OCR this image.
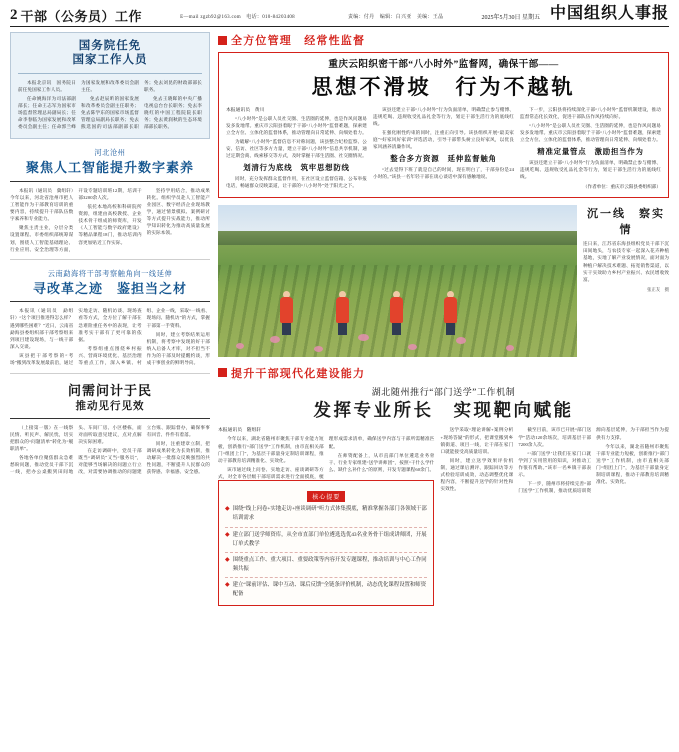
2 干部（公务员）工作	E—mail zgzb92@163.com　电话：010-84203408　　　　　　　　　　责编：付丹　编辑：白兴亚　美编：王晶	2025年5月30日 星期五 中国组织人事报
国务院任免
国家工作人员

本报北京讯　国务院日前任免国家工作人员。

任命姚海洋为司法部副部长；任命王志军为国家市场监督管理总局副局长；任命李春临为国家发展和改革委员会副主任；任命郭兰峰为国家发展和改革委员会副主任。

免去赵辰昕的国家发展和改革委员会副主任职务；免去陈学东的国家市场监督管理总局副局长职务；免去熊选国的司法部副部长职务；免去刘昆的财政部部长职务。

免去王晓晖的中央广播电视总台台长职务；免去李晓红的中国工程院院长职务；免去黄润秋的生态环境部部长职务。

河北沧州
聚焦人工智能提升数字素养

本报讯（通讯员　冀组轩）今年以来，河北省沧州市把人工智能作为干部教育培训的重要内容，持续提升干部队伍数字素养和专业能力。

聚焦主责主业，分层分类设置课程。市委组织部统筹谋划，围绕人工智能基础理论、行业应用、安全治理等方面，开设专题培训班12期，培训干部3200余人次。

依托本地高校和科研院所资源，组建由高校教授、企业技术骨干组成的师资库，开发《人工智能与数字政府建设》等精品课程18门，推动培训内容更加贴近工作实际。

坚持学用结合，推动成果转化。组织学员赴人工智能产业园区、数字经济企业现场教学，通过情景模拟、案例研讨等方式提升实战能力，推动所学知识转化为推动高质量发展的实际本领。

云南勐海将干部考察触角向一线延伸
寻改革之迹　鉴担当之材

本报讯（通讯员　勐组轩）“这个项目推进得怎么样？遇到哪些困难？”近日，云南省勐海县委组织部干部考察组来到项目建设现场，与一线干部深入交谈。

该县把干部考察的“考场”搬到改革发展最前沿，通过实地走访、随机访谈、现场查看等方式，全方位了解干部在急难险重任务中的表现，让考准考实干部有了更可靠的依据。

考察组重点围绕乡村振兴、营商环境优化、基层治理等重点工作，深入乡镇、村组、企业一线，采取“一线看、现场问、随机访”的方式，掌握干部第一手资料。

同时，建立考察结果运用机制，将考察中发现的好干部纳入后备人才库，对不担当不作为的干部及时提醒约谈，形成干事创业的鲜明导向。

问需问计于民
推动见行见效

（上接第一版）在一线察民情、听民声、解民忧，切实把群众的“问题清单”转化为“履职清单”。

各地各单位聚焦群众急难愁盼问题，推动党员干部下沉一线，把办公桌搬到田间地头、车间厂房、小区楼栋，面对面听取意见建议，点对点解决实际困难。

在走访调研中，党员干部既当“调研员”又当“服务员”，对能够当场解决的问题立行立改，对需要协调推动的问题建立台账、跟踪督办，确保事事有回音、件件有着落。

同时，注重建章立制，把调研成果转化为长效机制，推动解决一批群众反映强烈的共性问题，不断提升人民群众的获得感、幸福感、安全感。

全方位管理　经常性监督
重庆云阳织密干部“八小时外”监督网，确保干部——
思想不滑坡　行为不越轨
本报通讯员　黄川

“八小时外”是公职人员社交圈、生活圈的延伸，也是作风问题易发多发地带。重庆市云阳县着眼于干部“八小时外”监督难题，探索建立全方位、立体化的监督体系，推动管理向日常延伸、向细处着力。

为破解“八小时外”监督信息不对称问题，该县整合纪检监察、公安、信访、社区等多方力量，建立干部“八小时外”信息共享机制，通过定期会商、线索移交等方式，及时掌握干部生活圈、社交圈情况。

划清行为底线　筑牢思想防线

同时，充分发挥群众监督作用，在社区设立监督信箱、公布举报电话，畅通群众反映渠道，让干部的“八小时外”处于阳光之下。

该县还建立干部“八小时外”行为负面清单，明确禁止参与赌博、违规吃喝、违规收受礼品礼金等行为，划定干部生活行为的底线红线。

在强化刚性约束的同时，注重正向引导。该县组织开展“最美家庭”“好家风好家训”评选活动，引导干部带头树立良好家风，以优良家风涵养清廉作风。

整合多方资源　延伸监督触角

“过去觉得下班了就是自己的时间，现在明白了，干部身份是24小时的。”该县一名年轻干部在谈心谈话中深有感触地说。

下一步，云阳县将持续深化干部“八小时外”监督机制建设，推动监督常态化长效化，促进干部队伍作风持续向好。

“八小时外”是公职人员社交圈、生活圈的延伸，也是作风问题易发多发地带。重庆市云阳县着眼于干部“八小时外”监督难题，探索建立全方位、立体化的监督体系，推动管理向日常延伸、向细处着力。

精准定量管点　激励担当作为

该县还建立干部“八小时外”行为负面清单，明确禁止参与赌博、违规吃喝、违规收受礼品礼金等行为，划定干部生活行为的底线红线。

（作者单位：重庆市云阳县委组织部）
沉一线　察实情
连日来，江苏省东海县组织党员干部下沉田间地头，与农技专家一起深入花卉种植基地，实地了解产业发展情况，面对面为种植户解决技术难题、拓宽销售渠道，以实干实效助力乡村产业振兴、农民增收致富。
　　　　　　　张正友　摄
提升干部现代化建设能力
湖北随州推行“部门送学”工作机制
发挥专业所长　实现靶向赋能
本报通讯员　随组轩

今年以来，湖北省随州市聚焦干部专业能力短板，创新推行“部门送学”工作机制，由市直相关部门“组团上门”，为基层干部量身定制培训课程，推动干部教育培训精准化、实效化。

该市通过线上问卷、实地走访、座谈调研等方式，对全市各层级干部培训需求进行全面摸底，梳理形成需求清单，确保送学内容与干部所需精准匹配。

在师资配备上，从市直部门单位遴选业务骨干、行业专家组建“送学讲师团”，按照“干什么学什么、缺什么补什么”的原则，开发专题课程60余门。

核心提要
◆ 围绕“线上问卷+实地走访+座谈调研”听力式体集摸底，精准掌握各部门各领域干部培训需求
◆ 建立部门送学师资库，从全市直部门单位遴选选优43名业务骨干组成讲师团，开展订单式教学
◆ 围绕重点工作、重大项目、重要政策等内容开发专题课程，推动培训与中心工作同频共振
◆ 建立“课前评估、课中互动、课后反馈”全链条评价机制，动态优化课程设置和师资配备

送学采取“理论讲解+案例分析+现场答疑”的形式，把课堂搬到乡镇街道、项目一线，让干部在家门口就能接受高质量培训。

同时，建立送学效果评价机制，通过课后测评、跟踪回访等方式检验培训成效，动态调整优化课程内容，不断提升送学的针对性和实效性。

截至目前，该市已开展“部门送学”活动120余场次，培训基层干部7200余人次。

“‘部门送学’让我们在家门口就学到了实用管用的知识，对推动工作很有帮助。”该市一名乡镇干部表示。

下一步，随州市将持续完善“部门送学”工作机制，推动优质培训资源向基层延伸，为干部担当作为提供有力支撑。

今年以来，湖北省随州市聚焦干部专业能力短板，创新推行“部门送学”工作机制，由市直相关部门“组团上门”，为基层干部量身定制培训课程，推动干部教育培训精准化、实效化。
